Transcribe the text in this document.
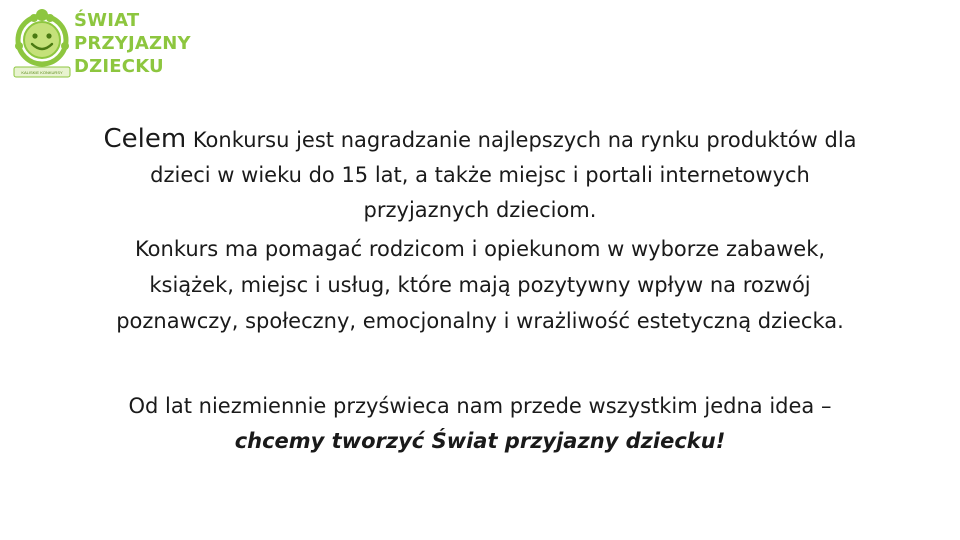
KALISKIE KONKURSY
ŚWIAT
PRZYJAZNY
DZIECKU
Celem Konkursu jest nagradzanie najlepszych na rynku produktów dla
dzieci w wieku do 15 lat, a także miejsc i portali internetowych
przyjaznych dzieciom.
Konkurs ma pomagać rodzicom i opiekunom w wyborze zabawek,
książek, miejsc i usług, które mają pozytywny wpływ na rozwój
poznawczy, społeczny, emocjonalny i wrażliwość estetyczną dziecka.
Od lat niezmiennie przyświeca nam przede wszystkim jedna idea –
chcemy tworzyć Świat przyjazny dziecku!
